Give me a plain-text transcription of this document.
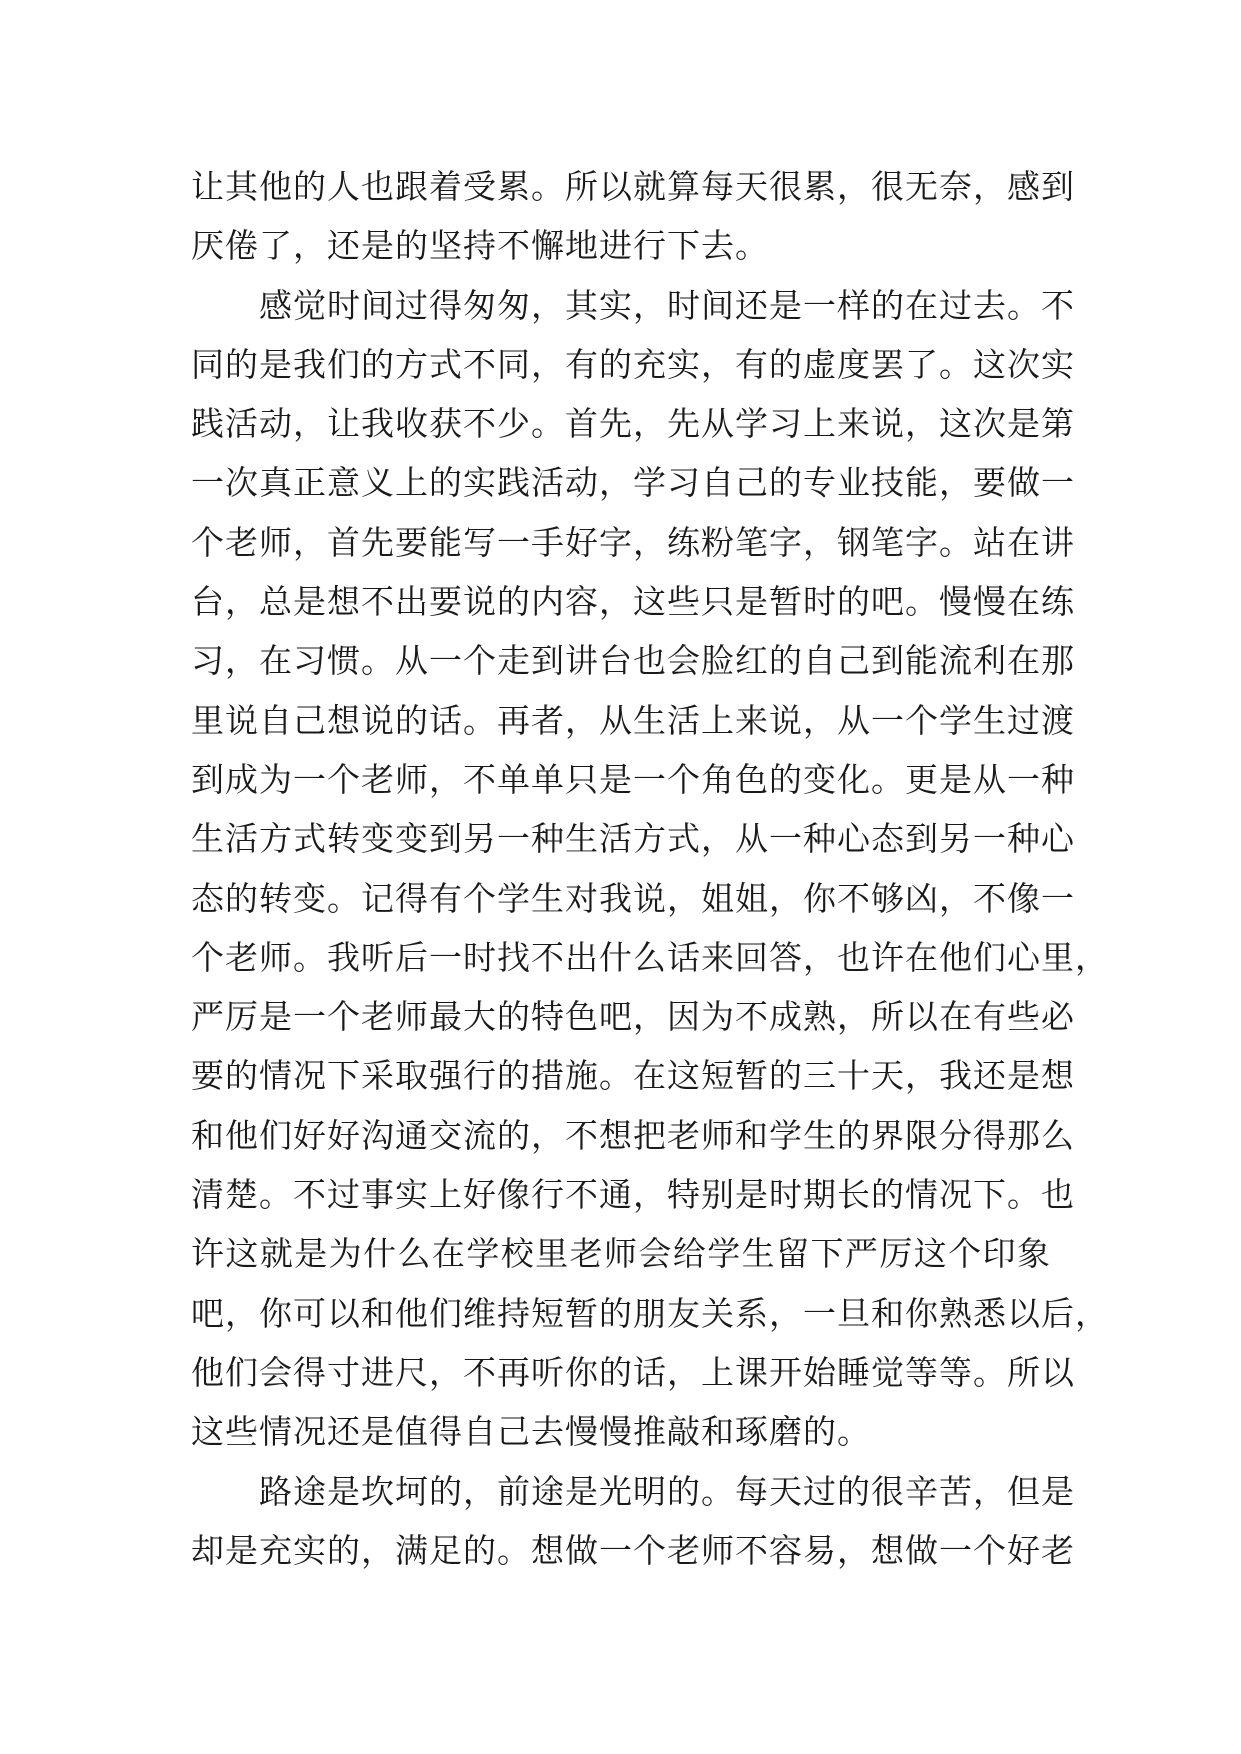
让其他的人也跟着受累。所以就算每天很累，很无奈，感到
厌倦了，还是的坚持不懈地进行下去。
感觉时间过得匆匆，其实，时间还是一样的在过去。不
同的是我们的方式不同，有的充实，有的虚度罢了。这次实
践活动，让我收获不少。首先，先从学习上来说，这次是第
一次真正意义上的实践活动，学习自己的专业技能，要做一
个老师，首先要能写一手好字，练粉笔字，钢笔字。站在讲
台，总是想不出要说的内容，这些只是暂时的吧。慢慢在练
习，在习惯。从一个走到讲台也会脸红的自己到能流利在那
里说自己想说的话。再者，从生活上来说，从一个学生过渡
到成为一个老师，不单单只是一个角色的变化。更是从一种
生活方式转变变到另一种生活方式，从一种心态到另一种心
态的转变。记得有个学生对我说，姐姐，你不够凶，不像一
个老师。我听后一时找不出什么话来回答，也许在他们心里，
严厉是一个老师最大的特色吧，因为不成熟，所以在有些必
要的情况下采取强行的措施。在这短暂的三十天，我还是想
和他们好好沟通交流的，不想把老师和学生的界限分得那么
清楚。不过事实上好像行不通，特别是时期长的情况下。也
许这就是为什么在学校里老师会给学生留下严厉这个印象
吧，你可以和他们维持短暂的朋友关系，一旦和你熟悉以后，
他们会得寸进尺，不再听你的话，上课开始睡觉等等。所以
这些情况还是值得自己去慢慢推敲和琢磨的。
路途是坎坷的，前途是光明的。每天过的很辛苦，但是
却是充实的，满足的。想做一个老师不容易，想做一个好老
